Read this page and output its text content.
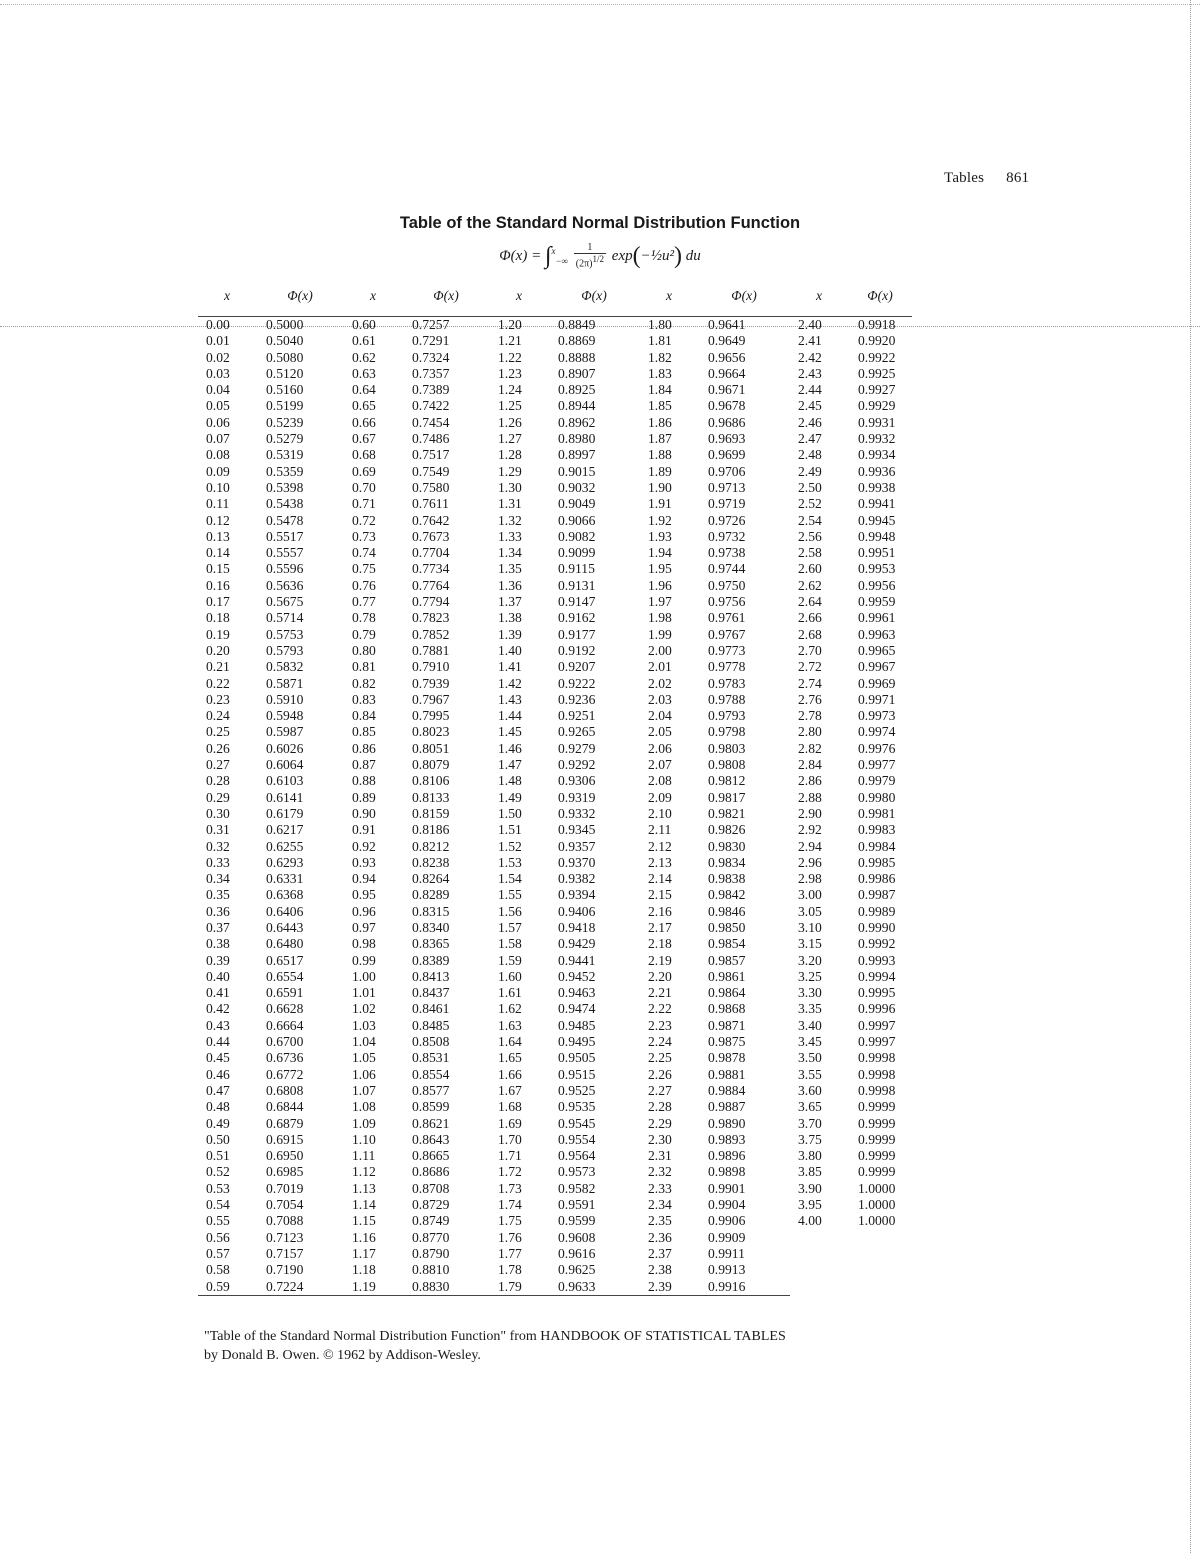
Tables 861
Table of the Standard Normal Distribution Function
$\Phi(x) = \int^x_{-\infty} \frac{1}{(2\pi)^{1/2}}$ exp(−½u²) du
x	Φ(x)	x	Φ(x)	x	Φ(x)	x	Φ(x)	x	Φ(x)
0.00	0.5000	0.60	0.7257	1.20	0.8849	1.80	0.9641	2.40	0.9918
0.01	0.5040	0.61	0.7291	1.21	0.8869	1.81	0.9649	2.41	0.9920
0.02	0.5080	0.62	0.7324	1.22	0.8888	1.82	0.9656	2.42	0.9922
0.03	0.5120	0.63	0.7357	1.23	0.8907	1.83	0.9664	2.43	0.9925
0.04	0.5160	0.64	0.7389	1.24	0.8925	1.84	0.9671	2.44	0.9927
0.05	0.5199	0.65	0.7422	1.25	0.8944	1.85	0.9678	2.45	0.9929
0.06	0.5239	0.66	0.7454	1.26	0.8962	1.86	0.9686	2.46	0.9931
0.07	0.5279	0.67	0.7486	1.27	0.8980	1.87	0.9693	2.47	0.9932
0.08	0.5319	0.68	0.7517	1.28	0.8997	1.88	0.9699	2.48	0.9934
0.09	0.5359	0.69	0.7549	1.29	0.9015	1.89	0.9706	2.49	0.9936
0.10	0.5398	0.70	0.7580	1.30	0.9032	1.90	0.9713	2.50	0.9938
0.11	0.5438	0.71	0.7611	1.31	0.9049	1.91	0.9719	2.52	0.9941
0.12	0.5478	0.72	0.7642	1.32	0.9066	1.92	0.9726	2.54	0.9945
0.13	0.5517	0.73	0.7673	1.33	0.9082	1.93	0.9732	2.56	0.9948
0.14	0.5557	0.74	0.7704	1.34	0.9099	1.94	0.9738	2.58	0.9951
0.15	0.5596	0.75	0.7734	1.35	0.9115	1.95	0.9744	2.60	0.9953
0.16	0.5636	0.76	0.7764	1.36	0.9131	1.96	0.9750	2.62	0.9956
0.17	0.5675	0.77	0.7794	1.37	0.9147	1.97	0.9756	2.64	0.9959
0.18	0.5714	0.78	0.7823	1.38	0.9162	1.98	0.9761	2.66	0.9961
0.19	0.5753	0.79	0.7852	1.39	0.9177	1.99	0.9767	2.68	0.9963
0.20	0.5793	0.80	0.7881	1.40	0.9192	2.00	0.9773	2.70	0.9965
0.21	0.5832	0.81	0.7910	1.41	0.9207	2.01	0.9778	2.72	0.9967
0.22	0.5871	0.82	0.7939	1.42	0.9222	2.02	0.9783	2.74	0.9969
0.23	0.5910	0.83	0.7967	1.43	0.9236	2.03	0.9788	2.76	0.9971
0.24	0.5948	0.84	0.7995	1.44	0.9251	2.04	0.9793	2.78	0.9973
0.25	0.5987	0.85	0.8023	1.45	0.9265	2.05	0.9798	2.80	0.9974
0.26	0.6026	0.86	0.8051	1.46	0.9279	2.06	0.9803	2.82	0.9976
0.27	0.6064	0.87	0.8079	1.47	0.9292	2.07	0.9808	2.84	0.9977
0.28	0.6103	0.88	0.8106	1.48	0.9306	2.08	0.9812	2.86	0.9979
0.29	0.6141	0.89	0.8133	1.49	0.9319	2.09	0.9817	2.88	0.9980
0.30	0.6179	0.90	0.8159	1.50	0.9332	2.10	0.9821	2.90	0.9981
0.31	0.6217	0.91	0.8186	1.51	0.9345	2.11	0.9826	2.92	0.9983
0.32	0.6255	0.92	0.8212	1.52	0.9357	2.12	0.9830	2.94	0.9984
0.33	0.6293	0.93	0.8238	1.53	0.9370	2.13	0.9834	2.96	0.9985
0.34	0.6331	0.94	0.8264	1.54	0.9382	2.14	0.9838	2.98	0.9986
0.35	0.6368	0.95	0.8289	1.55	0.9394	2.15	0.9842	3.00	0.9987
0.36	0.6406	0.96	0.8315	1.56	0.9406	2.16	0.9846	3.05	0.9989
0.37	0.6443	0.97	0.8340	1.57	0.9418	2.17	0.9850	3.10	0.9990
0.38	0.6480	0.98	0.8365	1.58	0.9429	2.18	0.9854	3.15	0.9992
0.39	0.6517	0.99	0.8389	1.59	0.9441	2.19	0.9857	3.20	0.9993
0.40	0.6554	1.00	0.8413	1.60	0.9452	2.20	0.9861	3.25	0.9994
0.41	0.6591	1.01	0.8437	1.61	0.9463	2.21	0.9864	3.30	0.9995
0.42	0.6628	1.02	0.8461	1.62	0.9474	2.22	0.9868	3.35	0.9996
0.43	0.6664	1.03	0.8485	1.63	0.9485	2.23	0.9871	3.40	0.9997
0.44	0.6700	1.04	0.8508	1.64	0.9495	2.24	0.9875	3.45	0.9997
0.45	0.6736	1.05	0.8531	1.65	0.9505	2.25	0.9878	3.50	0.9998
0.46	0.6772	1.06	0.8554	1.66	0.9515	2.26	0.9881	3.55	0.9998
0.47	0.6808	1.07	0.8577	1.67	0.9525	2.27	0.9884	3.60	0.9998
0.48	0.6844	1.08	0.8599	1.68	0.9535	2.28	0.9887	3.65	0.9999
0.49	0.6879	1.09	0.8621	1.69	0.9545	2.29	0.9890	3.70	0.9999
0.50	0.6915	1.10	0.8643	1.70	0.9554	2.30	0.9893	3.75	0.9999
0.51	0.6950	1.11	0.8665	1.71	0.9564	2.31	0.9896	3.80	0.9999
0.52	0.6985	1.12	0.8686	1.72	0.9573	2.32	0.9898	3.85	0.9999
0.53	0.7019	1.13	0.8708	1.73	0.9582	2.33	0.9901	3.90	1.0000
0.54	0.7054	1.14	0.8729	1.74	0.9591	2.34	0.9904	3.95	1.0000
0.55	0.7088	1.15	0.8749	1.75	0.9599	2.35	0.9906	4.00	1.0000
0.56	0.7123	1.16	0.8770	1.76	0.9608	2.36	0.9909		
0.57	0.7157	1.17	0.8790	1.77	0.9616	2.37	0.9911		
0.58	0.7190	1.18	0.8810	1.78	0.9625	2.38	0.9913		
0.59	0.7224	1.19	0.8830	1.79	0.9633	2.39	0.9916		
"Table of the Standard Normal Distribution Function" from HANDBOOK OF STATISTICAL TABLES
by Donald B. Owen. © 1962 by Addison-Wesley.
